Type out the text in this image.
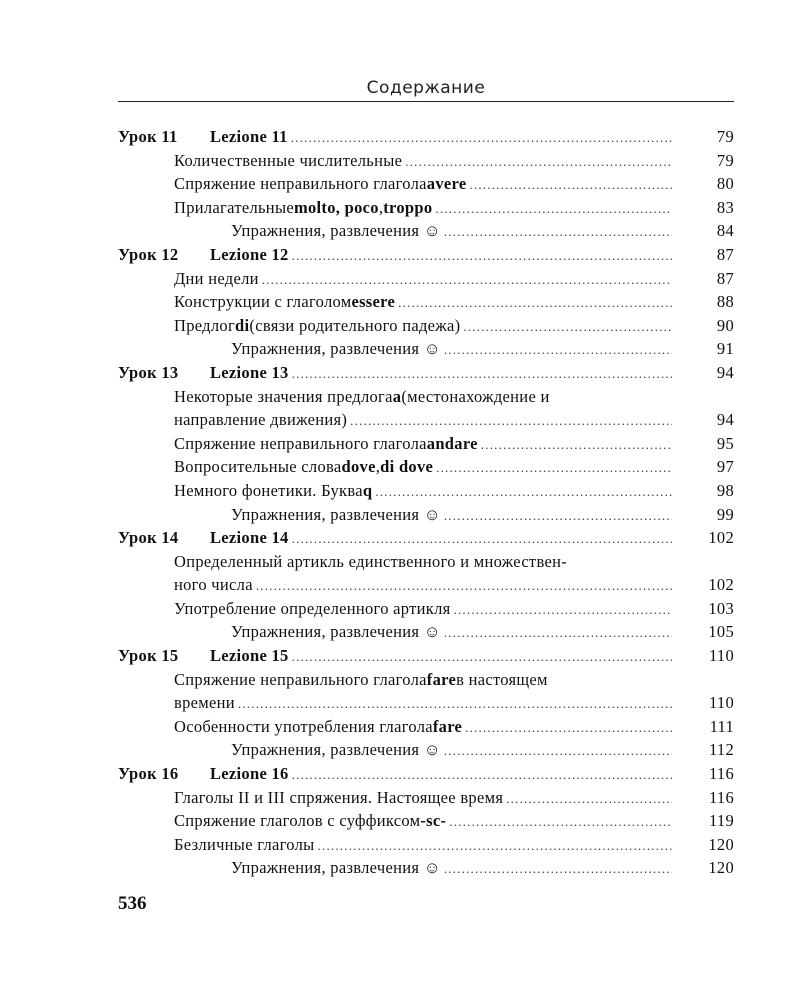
Содержание
Урок 11	Lezione 11 .....	79
Количественные числительные .....	79
Спряжение неправильного глагола avere .....	80
Прилагательные molto, poco , troppo .....	83
Упражнения, развлечения ☺ .....	84
Урок 12	Lezione 12 .....	87
Дни недели .....	87
Конструкции с глаголом essere .....	88
Предлог di (связи родительного падежа) .....	90
Упражнения, развлечения ☺ .....	91
Урок 13	Lezione 13 .....	94
Некоторые значения предлога a (местонахождение и
направление движения) .....	94
Спряжение неправильного глагола andare .....	95
Вопросительные слова dove , di dove .....	97
Немного фонетики. Буква q .....	98
Упражнения, развлечения ☺ .....	99
Урок 14	Lezione 14 .....	102
Определенный артикль единственного и множествен-
ного числа .....	102
Употребление определенного артикля .....	103
Упражнения, развлечения ☺ .....	105
Урок 15	Lezione 15 .....	110
Спряжение неправильного глагола fare в настоящем
времени .....	110
Особенности употребления глагола fare .....	111
Упражнения, развлечения ☺ .....	112
Урок 16	Lezione 16 .....	116
Глаголы II и III спряжения. Настоящее время .....	116
Спряжение глаголов с суффиксом -sc- .....	119
Безличные глаголы .....	120
Упражнения, развлечения ☺ .....	120
536
